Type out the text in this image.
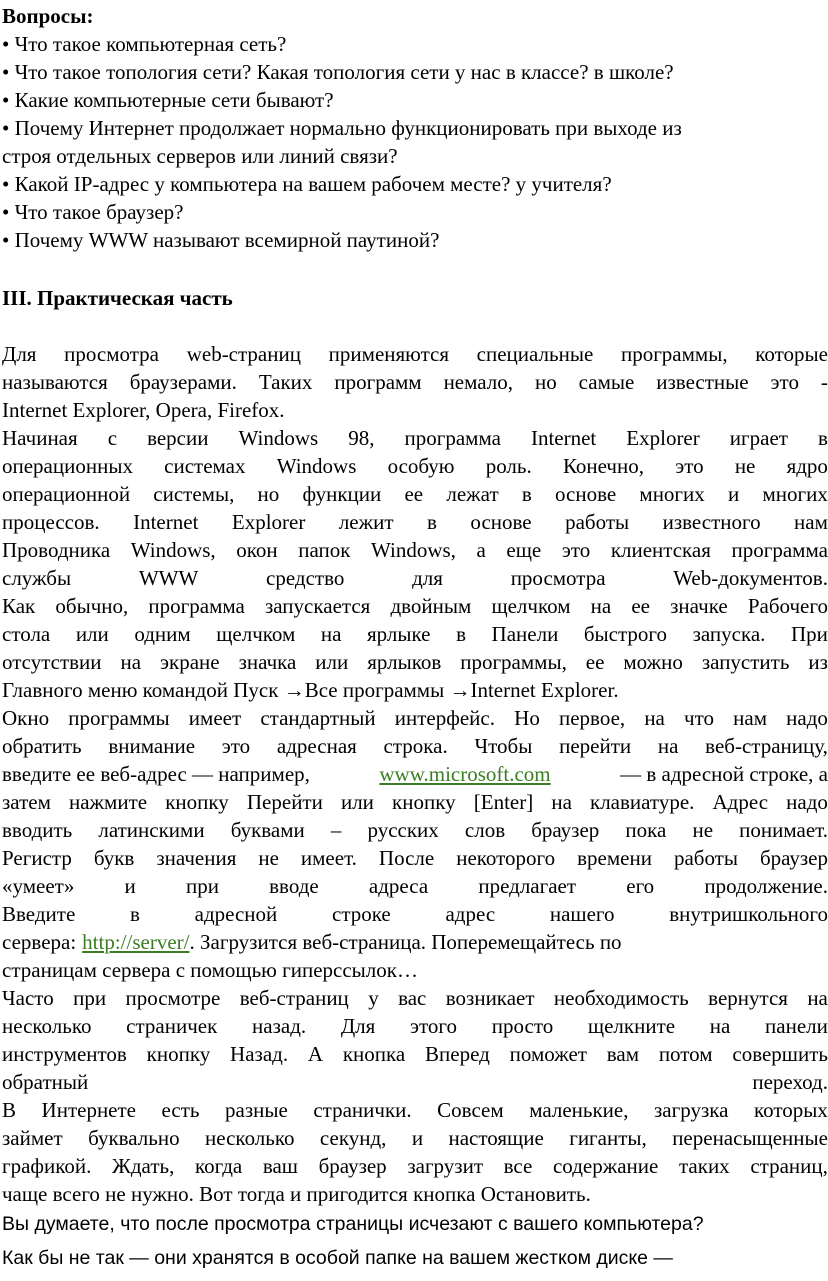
Вопросы:
• Что такое компьютерная сеть?
• Что такое топология сети? Какая топология сети у нас в классе? в школе?
• Какие компьютерные сети бывают?
• Почему Интернет продолжает нормально функционировать при выходе из
строя отдельных серверов или линий связи?
• Какой IP-адрес у компьютера на вашем рабочем месте? у учителя?
• Что такое браузер?
• Почему WWW называют всемирной паутиной?
III. Практическая часть
Для просмотра web-страниц применяются специальные программы, которые
называются браузерами. Таких программ немало, но самые известные это -
Internet Explorer, Opera, Firefox.
Начиная с версии Windows 98, программа Internet Explorer играет в
операционных системах Windows особую роль. Конечно, это не ядро
операционной системы, но функции ее лежат в основе многих и многих
процессов. Internet Explorer лежит в основе работы известного нам
Проводника Windows, окон папок Windows, а еще это клиентская программа
службы	WWW	средство	для	просмотра	Web-документов.
Как обычно, программа запускается двойным щелчком на ее значке Рабочего
стола или одним щелчком на ярлыке в Панели быстрого запуска. При
отсутствии на экране значка или ярлыков программы, ее можно запустить из
Главного меню командой Пуск →Все программы →Internet Explorer.
Окно программы имеет стандартный интерфейс. Но первое, на что нам надо
обратить внимание это адресная строка. Чтобы перейти на веб-страницу,
введите ее веб-адрес — например,	www.microsoft.com	— в адресной строке, а
затем нажмите кнопку Перейти или кнопку [Enter] на клавиатуре. Адрес надо
вводить латинскими буквами – русских слов браузер пока не понимает.
Регистр букв значения не имеет. После некоторого времени работы браузер
«умеет» и при вводе адреса предлагает его продолжение.
Введите	в	адресной	строке	адрес	нашего	внутришкольного
сервера: http://server/ . Загрузится веб-страница. Попеpемещайтесь по
страницам сервера с помощью гиперссылок…
Часто при просмотре веб-страниц у вас возникает необходимость вернутся на
несколько страничек назад. Для этого просто щелкните на панели
инструментов кнопку Назад. А кнопка Вперед поможет вам потом совершить
обратный	переход.
В Интернете есть разные странички. Совсем маленькие, загрузка которых
займет буквально несколько секунд, и настоящие гиганты, перенасыщенные
графикой. Ждать, когда ваш браузер загрузит все содержание таких страниц,
чаще всего не нужно. Вот тогда и пригодится кнопка Остановить.
Вы думаете, что после просмотра страницы исчезают с вашего компьютера?
Как бы не так — они хранятся в особой папке на вашем жестком диске —
